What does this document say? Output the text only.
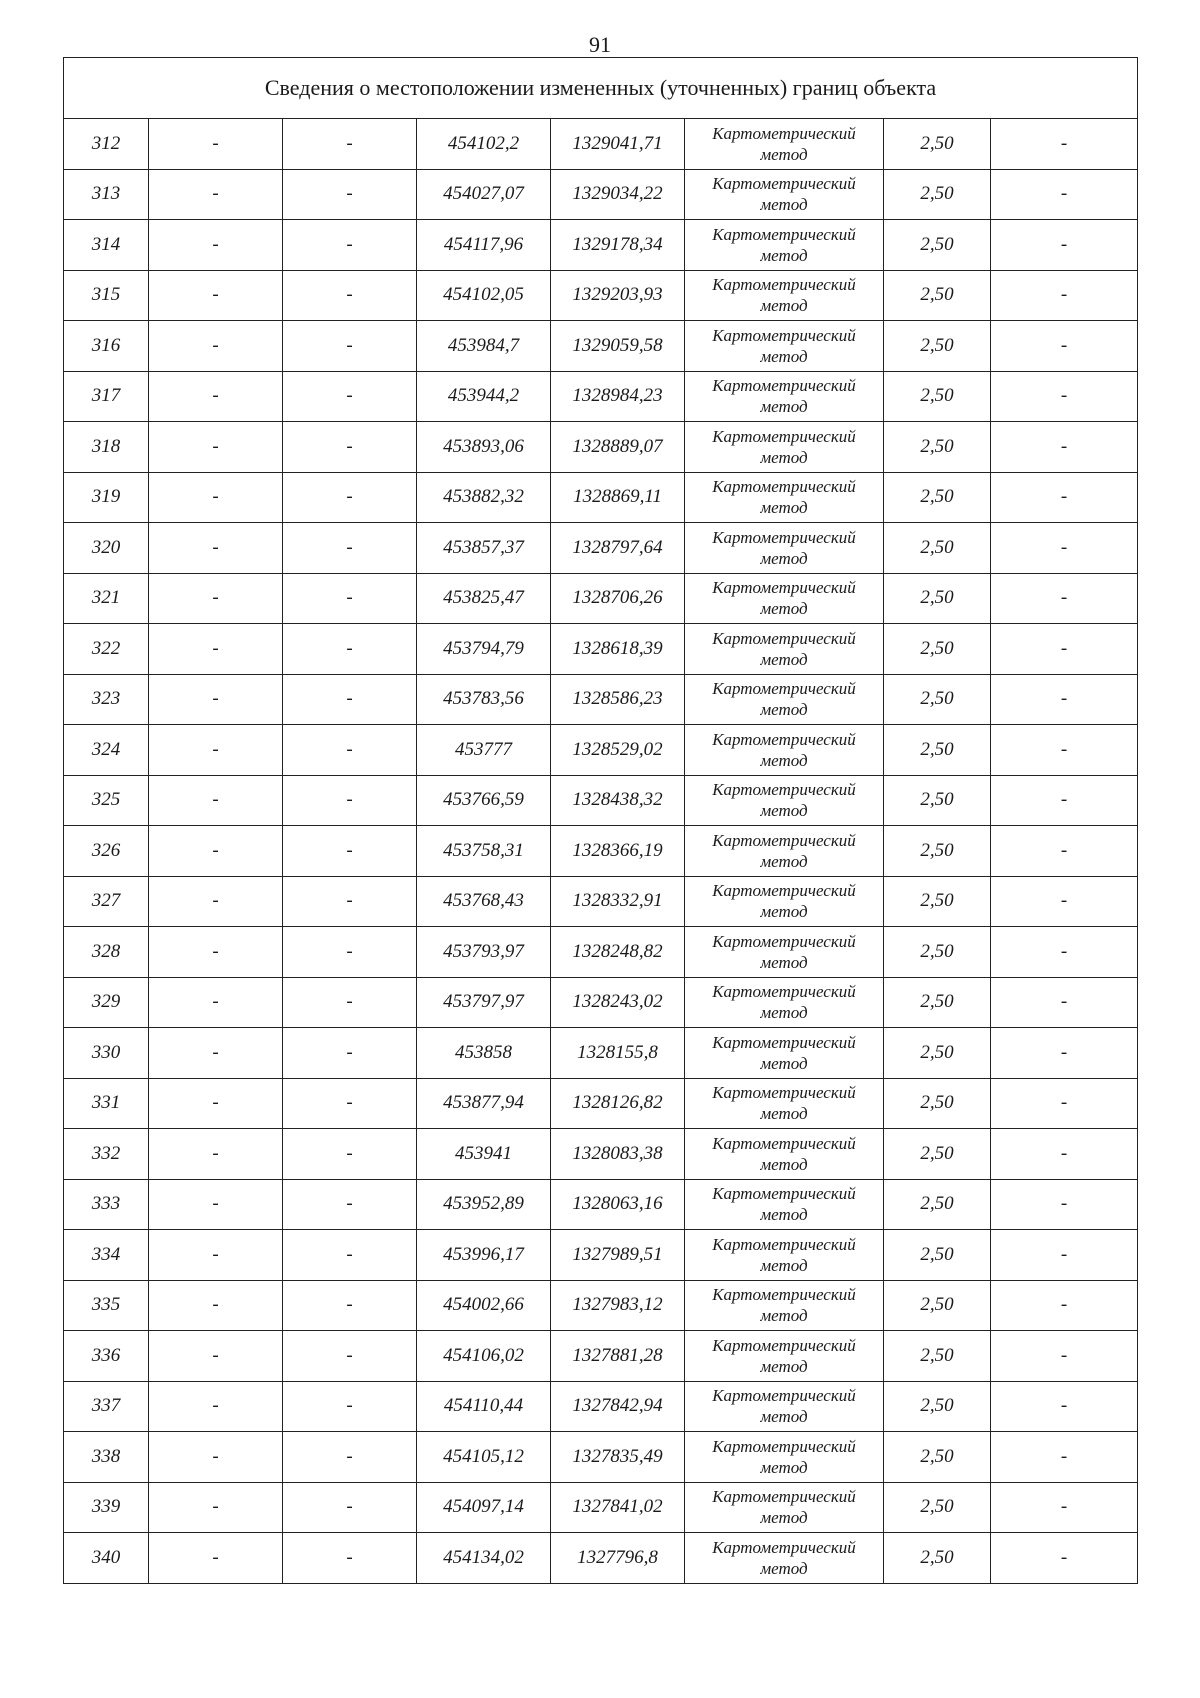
91
Сведения о местоположении измененных (уточненных) границ объекта							
312	-	-	454102,2	1329041,71	Картометрический метод	2,50	-
313	-	-	454027,07	1329034,22	Картометрический метод	2,50	-
314	-	-	454117,96	1329178,34	Картометрический метод	2,50	-
315	-	-	454102,05	1329203,93	Картометрический метод	2,50	-
316	-	-	453984,7	1329059,58	Картометрический метод	2,50	-
317	-	-	453944,2	1328984,23	Картометрический метод	2,50	-
318	-	-	453893,06	1328889,07	Картометрический метод	2,50	-
319	-	-	453882,32	1328869,11	Картометрический метод	2,50	-
320	-	-	453857,37	1328797,64	Картометрический метод	2,50	-
321	-	-	453825,47	1328706,26	Картометрический метод	2,50	-
322	-	-	453794,79	1328618,39	Картометрический метод	2,50	-
323	-	-	453783,56	1328586,23	Картометрический метод	2,50	-
324	-	-	453777	1328529,02	Картометрический метод	2,50	-
325	-	-	453766,59	1328438,32	Картометрический метод	2,50	-
326	-	-	453758,31	1328366,19	Картометрический метод	2,50	-
327	-	-	453768,43	1328332,91	Картометрический метод	2,50	-
328	-	-	453793,97	1328248,82	Картометрический метод	2,50	-
329	-	-	453797,97	1328243,02	Картометрический метод	2,50	-
330	-	-	453858	1328155,8	Картометрический метод	2,50	-
331	-	-	453877,94	1328126,82	Картометрический метод	2,50	-
332	-	-	453941	1328083,38	Картометрический метод	2,50	-
333	-	-	453952,89	1328063,16	Картометрический метод	2,50	-
334	-	-	453996,17	1327989,51	Картометрический метод	2,50	-
335	-	-	454002,66	1327983,12	Картометрический метод	2,50	-
336	-	-	454106,02	1327881,28	Картометрический метод	2,50	-
337	-	-	454110,44	1327842,94	Картометрический метод	2,50	-
338	-	-	454105,12	1327835,49	Картометрический метод	2,50	-
339	-	-	454097,14	1327841,02	Картометрический метод	2,50	-
340	-	-	454134,02	1327796,8	Картометрический метод	2,50	-
